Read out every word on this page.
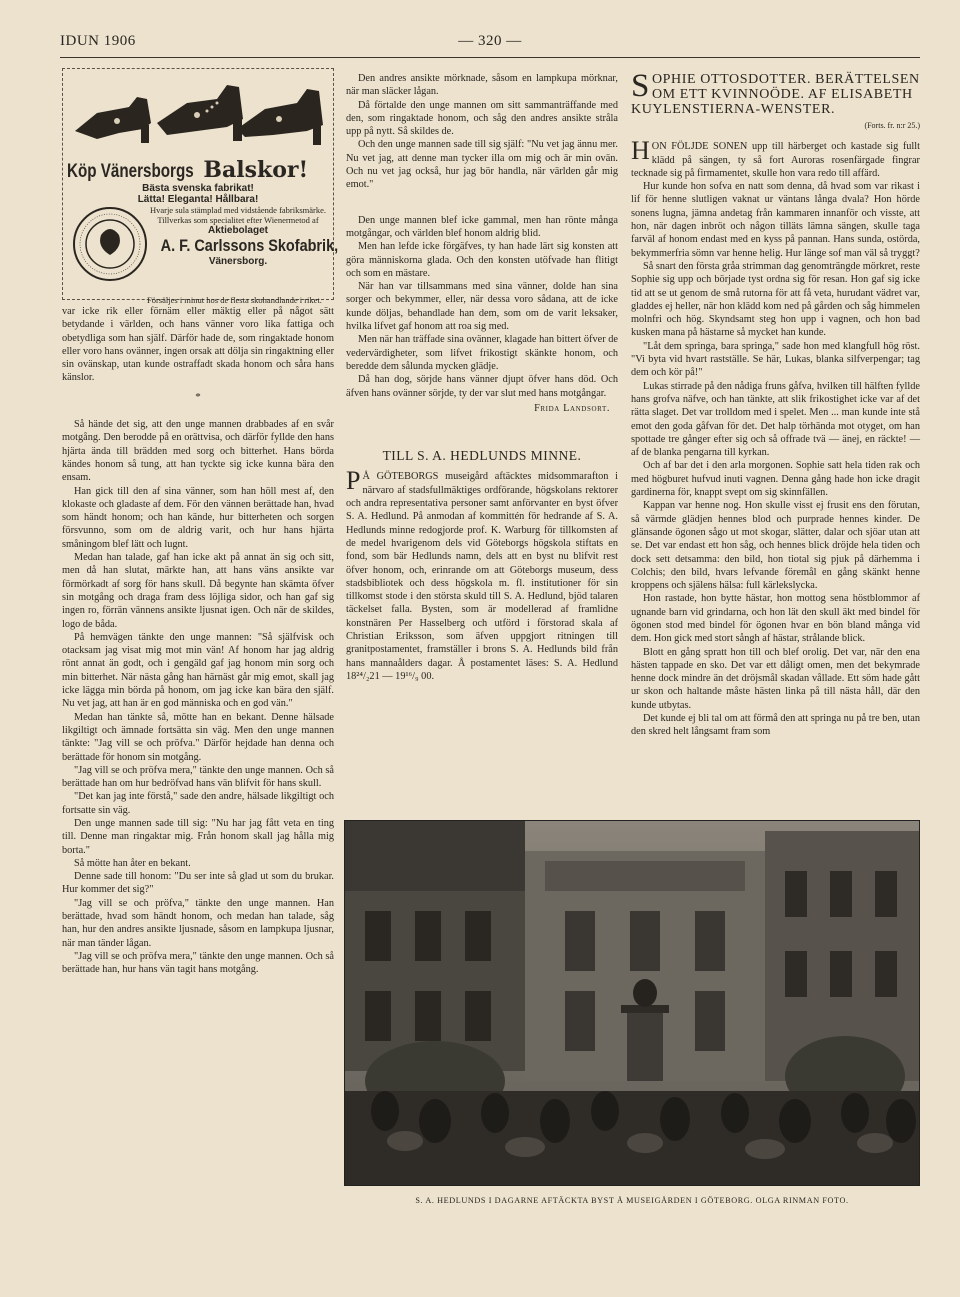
IDUN 1906	— 320 —
Köp Vänersborgs Balskor!
Bästa svenska fabrikat!
Lätta! Eleganta! Hållbara!
Hvarje sula stämplad med vidstående fabriksmärke.
Tillverkas som specialitet efter Wienermetod af
Aktiebolaget
A. F. Carlssons Skofabrik,
Vänersborg.
Försäljes i minut hos de flesta skohandlande i riket.

var icke rik eller förnäm eller mäktig eller på något sätt betydande i världen, och hans vänner voro lika fattiga och obetydliga som han själf. Därför hade de, som ringaktade honom eller voro hans ovänner, ingen orsak att dölja sin ringaktning eller sin ovänskap, utan kunde ostraffadt skada honom och såra hans känslor.

*

Så hände det sig, att den unge mannen drabbades af en svår motgång. Den berodde på en orättvisa, och därför fyllde den hans hjärta ända till brädden med sorg och bitterhet. Hans börda kändes honom så tung, att han tyckte sig icke kunna bära den ensam.

Han gick till den af sina vänner, som han höll mest af, den klokaste och gladaste af dem. För den vännen berättade han, hvad som händt honom; och han kände, hur bitterheten och sorgen försvunno, som om de aldrig varit, och hur hans hjärta småningom blef lätt och lugnt.

Medan han talade, gaf han icke akt på annat än sig och sitt, men då han slutat, märkte han, att hans väns ansikte var förmörkadt af sorg för hans skull. Då begynte han skämta öfver sin motgång och draga fram dess löjliga sidor, och han gaf sig ingen ro, förrän vännens ansikte ljusnat igen. Och när de skildes, logo de båda.

På hemvägen tänkte den unge mannen: "Så själfvisk och otacksam jag visat mig mot min vän! Af honom har jag aldrig rönt annat än godt, och i gengäld gaf jag honom min sorg och min bitterhet. När nästa gång han härnäst går mig emot, skall jag icke lägga min börda på honom, om jag icke kan bära den själf. Nu vet jag, att han är en god människa och en god vän."

Medan han tänkte så, mötte han en bekant. Denne hälsade likgiltigt och ämnade fortsätta sin väg. Men den unge mannen tänkte: "Jag vill se och pröfva." Därför hejdade han denna och berättade för honom sin motgång.

"Jag vill se och pröfva mera," tänkte den unge mannen. Och så berättade han om hur bedröfvad hans vän blifvit för hans skull.

"Det kan jag inte förstå," sade den andre, hälsade likgiltigt och fortsatte sin väg.

Den unge mannen sade till sig: "Nu har jag fått veta en ting till. Denne man ringaktar mig. Från honom skall jag hålla mig borta."

Så mötte han åter en bekant.

Denne sade till honom: "Du ser inte så glad ut som du brukar. Hur kommer det sig?"

"Jag vill se och pröfva," tänkte den unge mannen. Han berättade, hvad som händt honom, och medan han talade, såg han, hur den andres ansikte ljusnade, såsom en lampkupa ljusnar, när man tänder lågan.

"Jag vill se och pröfva mera," tänkte den unge mannen. Och så berättade han, hur hans vän tagit hans motgång.

Den andres ansikte mörknade, såsom en lampkupa mörknar, när man släcker lågan.

Då förtalde den unge mannen om sitt sammanträffande med den, som ringaktade honom, och såg den andres ansikte stråla upp på nytt. Så skildes de.

Och den unge mannen sade till sig själf: "Nu vet jag ännu mer. Nu vet jag, att denne man tycker illa om mig och är min ovän. Och nu vet jag också, hur jag bör handla, när världen går mig emot."

Den unge mannen blef icke gammal, men han rönte många motgångar, och världen blef honom aldrig blid.

Men han lefde icke förgäfves, ty han hade lärt sig konsten att göra människorna glada. Och den konsten utöfvade han flitigt och som en mästare.

När han var tillsammans med sina vänner, dolde han sina sorger och bekymmer, eller, när dessa voro sådana, att de icke kunde döljas, behandlade han dem, som om de varit leksaker, hvilka lifvet gaf honom att roa sig med.

Men när han träffade sina ovänner, klagade han bittert öfver de vedervärdigheter, som lifvet frikostigt skänkte honom, och beredde dem sålunda mycken glädje.

Då han dog, sörjde hans vänner djupt öfver hans död. Och äfven hans ovänner sörjde, ty der var slut med hans motgångar.

Frida Landsort.
TILL S. A. HEDLUNDS MINNE.

P Å GÖTEBORGS museigård aftäcktes midsommarafton i närvaro af stadsfullmäktiges ordförande, högskolans rektorer och andra representativa personer samt anförvanter en byst öfver S. A. Hedlund. På anmodan af kommittén för hedrande af S. A. Hedlunds minne redogjorde prof. K. Warburg för tillkomsten af de medel hvarigenom dels vid Göteborgs högskola stiftats en fond, som bär Hedlunds namn, dels att en byst nu blifvit rest öfver honom, och, erinrande om att Göteborgs museum, dess stadsbibliotek och dess högskola m. fl. institutioner för sin tillkomst stode i den största skuld till S. A. Hedlund, bjöd talaren täckelset falla. Bysten, som är modellerad af framlidne konstnären Per Hasselberg och utförd i förstorad skala af Christian Eriksson, som äfven uppgjort ritningen till granitpostamentet, framställer i brons S. A. Hedlunds bild från hans mannaålders dagar. Å postamentet läses: S. A. Hedlund 18²⁴/₂21 — 19¹⁶/₉ 00.

SOPHIE OTTOSDOTTER. BERÄTTELSEN OM ETT KVINNOÖDE. AF ELISABETH KUYLENSTIERNA-WENSTER.
(Forts. fr. n:r 25.)

HON FÖLJDE SONEN upp till härberget och kastade sig fullt klädd på sängen, ty så fort Auroras rosenfärgade fingrar tecknade sig på firmamentet, skulle hon vara redo till affärd.

Hur kunde hon sofva en natt som denna, då hvad som var rikast i lif för henne slutligen vaknat ur väntans långa dvala? Hon hörde sonens lugna, jämna andetag från kammaren innanför och visste, att hon, när dagen inbröt och någon tilläts lämna sängen, skulle taga farväl af honom endast med en kyss på pannan. Hans sunda, ostörda, bekymmerfria sömn var henne helig. Hur länge sof man väl så tryggt?

Så snart den första gråa strimman dag genomträngde mörkret, reste Sophie sig upp och började tyst ordna sig för resan. Hon gaf sig icke tid att se ut genom de små rutorna för att få veta, hurudant vädret var, gladdes ej heller, när hon klädd kom ned på gården och såg himmelen molnfri och hög. Skyndsamt steg hon upp i vagnen, och hon bad kusken mana på hästarne så mycket han kunde.

"Låt dem springa, bara springa," sade hon med klangfull hög röst. "Vi byta vid hvart rastställe. Se här, Lukas, blanka silfverpengar; tag dem och kör på!"

Lukas stirrade på den nådiga fruns gåfva, hvilken till hälften fyllde hans grofva näfve, och han tänkte, att slik frikostighet icke var af det rätta slaget. Det var trolldom med i spelet. Men ... man kunde inte stå emot den goda gåfvan för det. Det halp törhända mot otyget, om han spottade tre gånger efter sig och så offrade tvä — änej, en räckte! — af de blanka pengarna till kyrkan.

Och af bar det i den arla morgonen. Sophie satt hela tiden rak och med högburet hufvud inuti vagnen. Denna gång hade hon icke dragit gardinerna för, knappt svept om sig skinnfällen.

Kappan var henne nog. Hon skulle visst ej frusit ens den förutan, så värmde glädjen hennes blod och purprade hennes kinder. De glänsande ögonen sågo ut mot skogar, slätter, dalar och sjöar utan att se. Det var endast ett hon såg, och hennes blick dröjde hela tiden och dock sett detsamma: den bild, hon tiotal sig pjuk på därhemma i Colchis; den bild, hvars lefvande föremål en gång skänkt henne kroppens och själens hälsa: full kärlekslycka.

Hon rastade, hon bytte hästar, hon mottog sena höstblommor af ugnande barn vid grindarna, och hon lät den skull äkt med bindel för ögonen stod med bindel för ögonen hvar en bön bland många vid dem. Hon gick med stort sångh af hästar, strålande blick.

Blott en gång spratt hon till och blef orolig. Det var, när den ena hästen tappade en sko. Det var ett dåligt omen, men det bekymrade henne dock mindre än det dröjsmål skadan vållade. Ett söm hade gått ur skon och haltande måste hästen linka på till nästa håll, där den kunde utbytas.

Det kunde ej bli tal om att förmå den att springa nu på tre ben, utan den skred helt långsamt fram som

S. A. HEDLUNDS I DAGARNE AFTÄCKTA BYST Å MUSEIGÅRDEN I GÖTEBORG. OLGA RINMAN FOTO.
